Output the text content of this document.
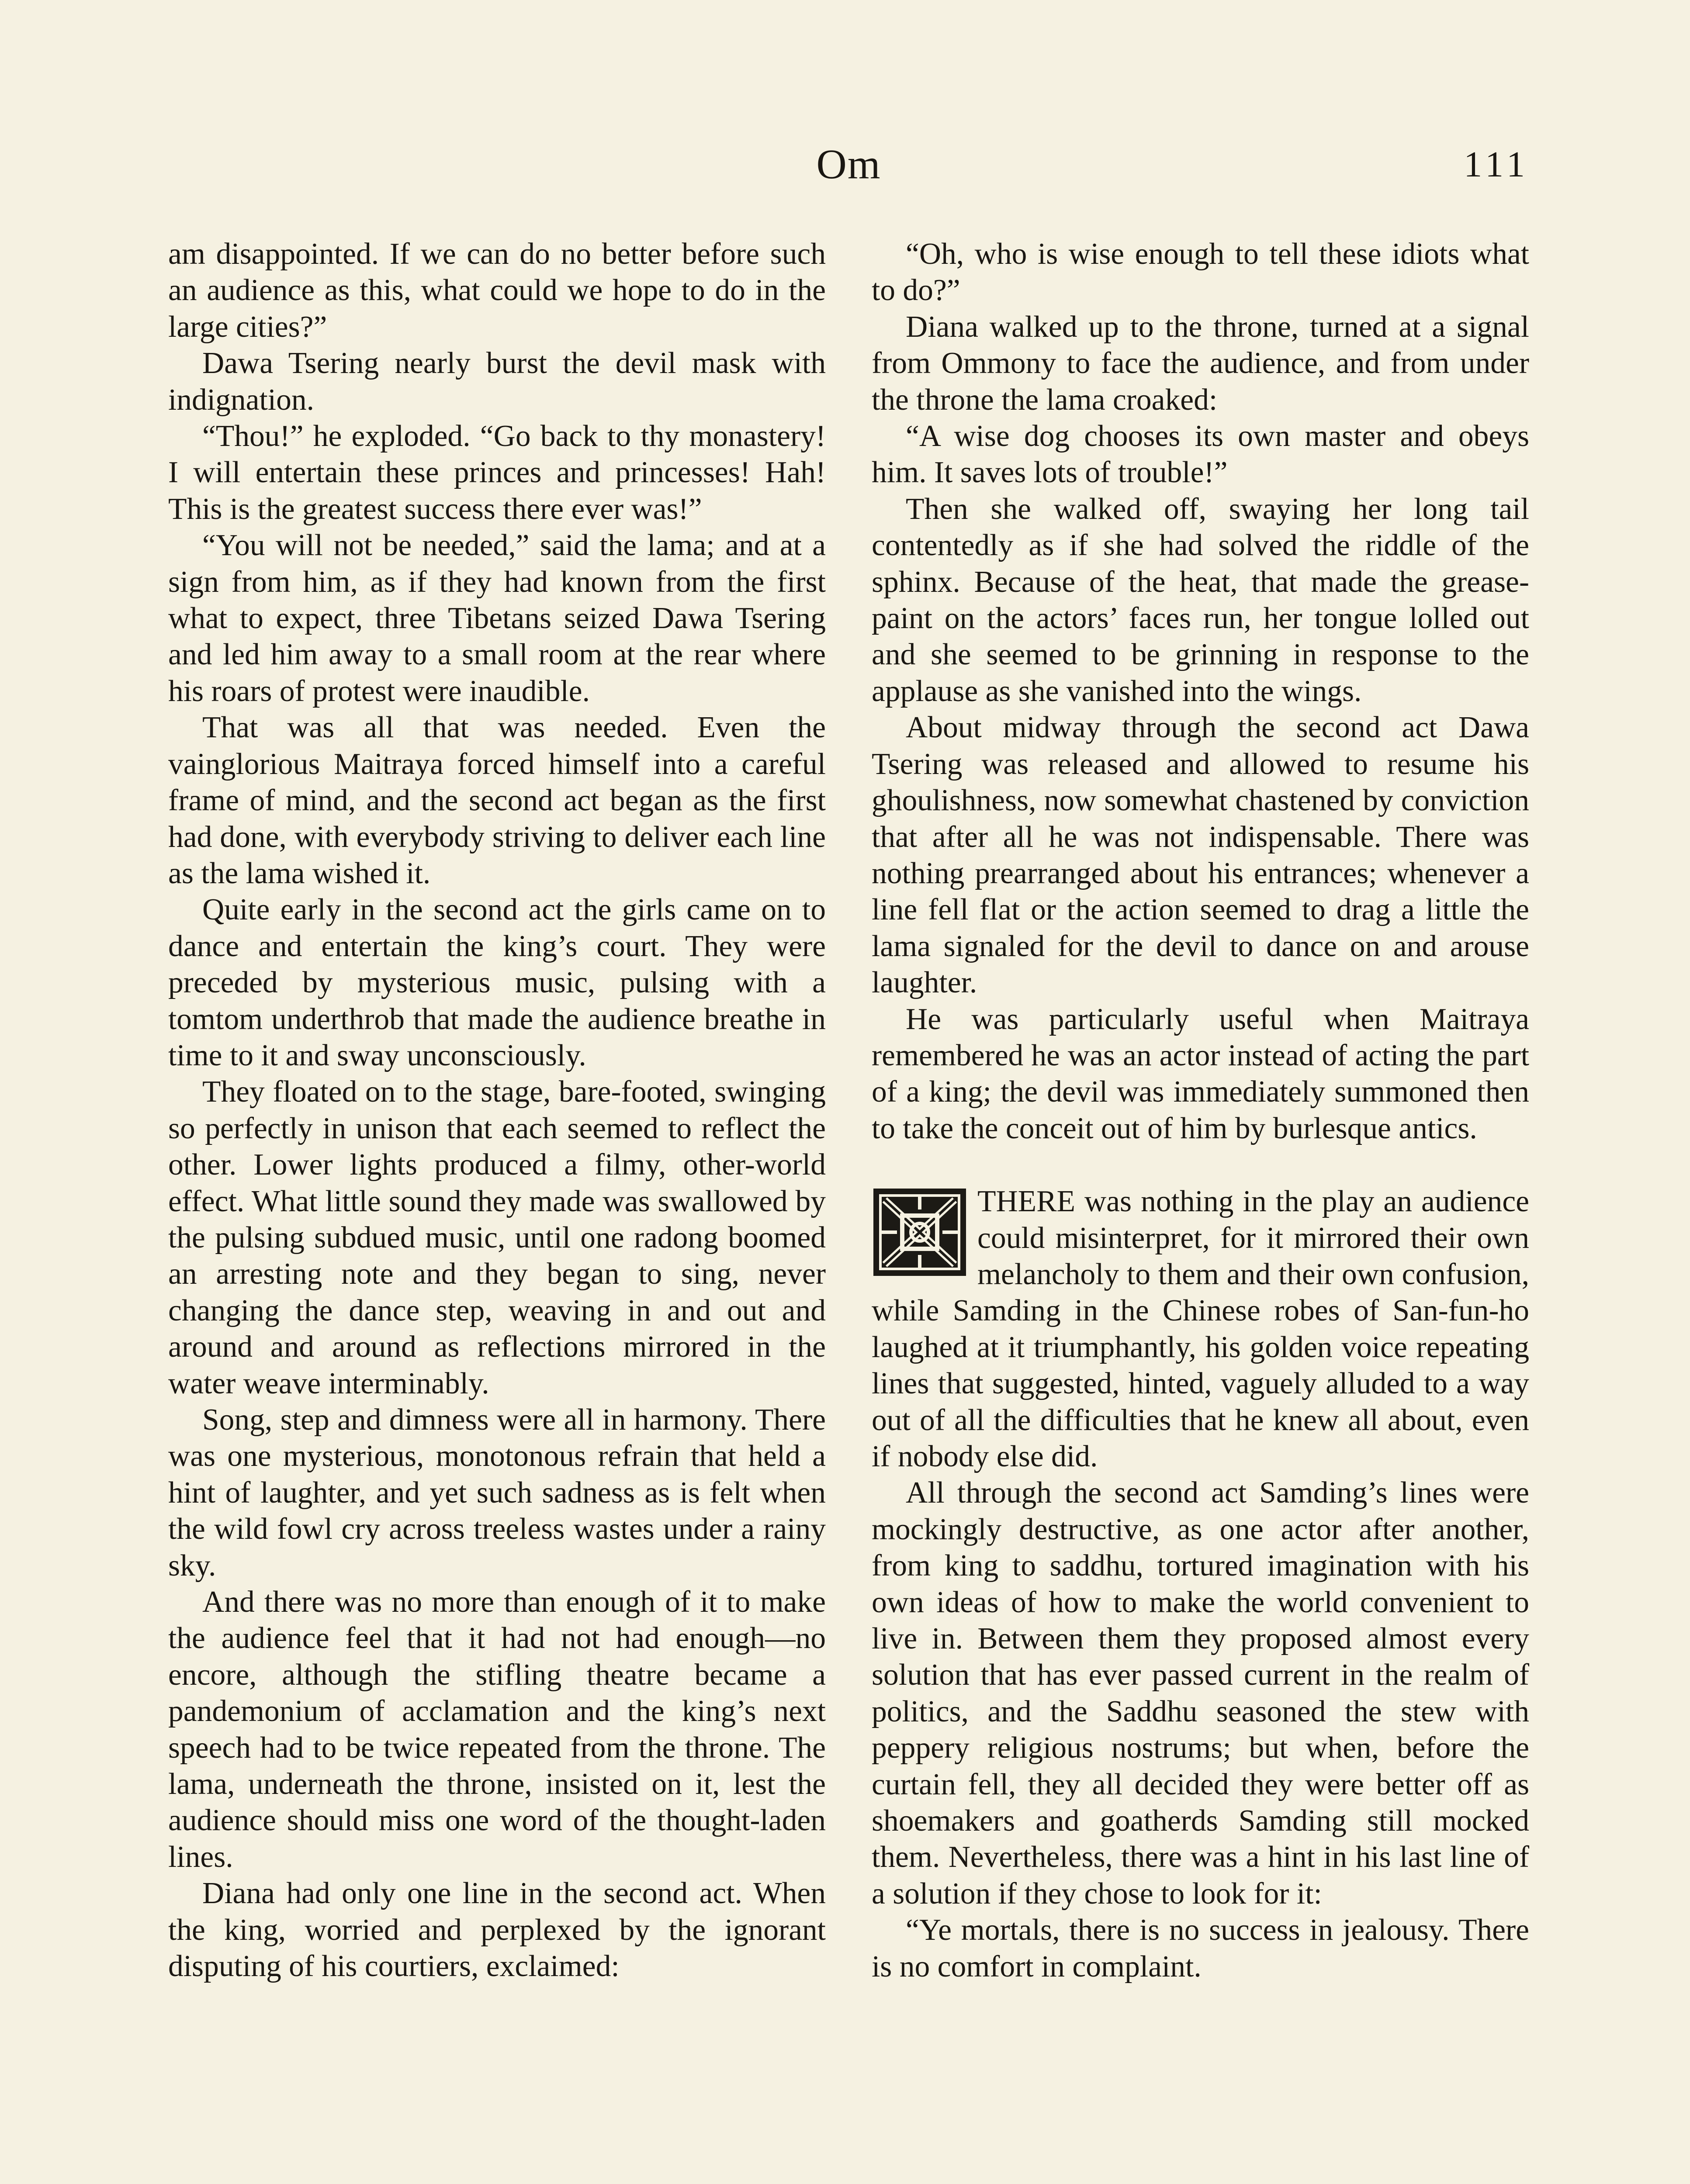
Om	111

am disappointed. If we can do no better before such an audience as this, what could we hope to do in the large cities?”

Dawa Tsering nearly burst the devil mask with indignation.

“Thou!” he exploded. “Go back to thy monastery! I will entertain these princes and princesses! Hah! This is the greatest success there ever was!”

“You will not be needed,” said the lama; and at a sign from him, as if they had known from the first what to expect, three Tibetans seized Dawa Tsering and led him away to a small room at the rear where his roars of protest were inaudible.

That was all that was needed. Even the vainglorious Maitraya forced himself into a careful frame of mind, and the second act began as the first had done, with everybody striving to deliver each line as the lama wished it.

Quite early in the second act the girls came on to dance and entertain the king’s court. They were preceded by mysterious music, pulsing with a tomtom underthrob that made the audience breathe in time to it and sway unconsciously.

They floated on to the stage, bare-footed, swinging so perfectly in unison that each seemed to reflect the other. Lower lights produced a filmy, other-world effect. What little sound they made was swallowed by the pulsing subdued music, until one radong boomed an arresting note and they began to sing, never changing the dance step, weaving in and out and around and around as reflections mirrored in the water weave interminably.

Song, step and dimness were all in harmony. There was one mysterious, monotonous refrain that held a hint of laughter, and yet such sadness as is felt when the wild fowl cry across treeless wastes under a rainy sky.

And there was no more than enough of it to make the audience feel that it had not had enough—no encore, although the stifling theatre became a pandemonium of acclamation and the king’s next speech had to be twice repeated from the throne. The lama, underneath the throne, insisted on it, lest the audience should miss one word of the thought-laden lines.

Diana had only one line in the second act. When the king, worried and perplexed by the ignorant disputing of his courtiers, exclaimed:

“Oh, who is wise enough to tell these idiots what to do?”

Diana walked up to the throne, turned at a signal from Ommony to face the audience, and from under the throne the lama croaked:

“A wise dog chooses its own master and obeys him. It saves lots of trouble!”

Then she walked off, swaying her long tail contentedly as if she had solved the riddle of the sphinx. Because of the heat, that made the grease-paint on the actors’ faces run, her tongue lolled out and she seemed to be grinning in response to the applause as she vanished into the wings.

About midway through the second act Dawa Tsering was released and allowed to resume his ghoulishness, now somewhat chastened by conviction that after all he was not indispensable. There was nothing prearranged about his entrances; whenever a line fell flat or the action seemed to drag a little the lama signaled for the devil to dance on and arouse laughter.

He was particularly useful when Maitraya remembered he was an actor instead of acting the part of a king; the devil was immediately summoned then to take the conceit out of him by burlesque antics.

THERE was nothing in the play an audience could misinterpret, for it mirrored their own melancholy to them and their own confusion, while Samding in the Chinese robes of San-fun-ho laughed at it triumphantly, his golden voice repeating lines that suggested, hinted, vaguely alluded to a way out of all the difficulties that he knew all about, even if nobody else did.

All through the second act Samding’s lines were mockingly destructive, as one actor after another, from king to saddhu, tortured imagination with his own ideas of how to make the world convenient to live in. Between them they proposed almost every solution that has ever passed current in the realm of politics, and the Saddhu seasoned the stew with peppery religious nostrums; but when, before the curtain fell, they all decided they were better off as shoemakers and goatherds Samding still mocked them. Nevertheless, there was a hint in his last line of a solution if they chose to look for it:

“Ye mortals, there is no success in jealousy. There is no comfort in complaint.
